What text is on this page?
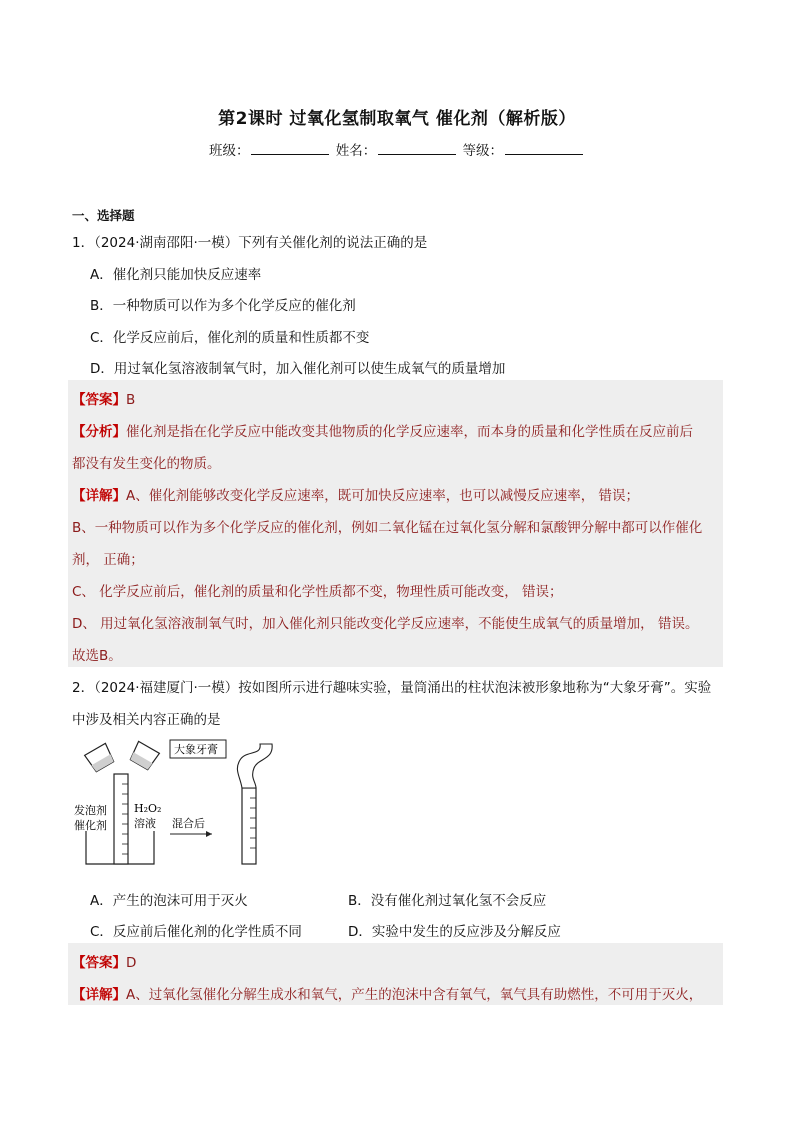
第2课时 过氧化氢制取氧气 催化剂（解析版）
班级：	姓名：	等级：
一、选择题
1．（2024·湖南邵阳·一模）下列有关催化剂的说法正确的是
A．催化剂只能加快反应速率
B．一种物质可以作为多个化学反应的催化剂
C．化学反应前后，催化剂的质量和性质都不变
D．用过氧化氢溶液制氧气时，加入催化剂可以使生成氧气的质量增加
【答案】B
【分析】催化剂是指在化学反应中能改变其他物质的化学反应速率，而本身的质量和化学性质在反应前后
都没有发生变化的物质。
【详解】A、催化剂能够改变化学反应速率，既可加快反应速率，也可以减慢反应速率， 错误；
B、一种物质可以作为多个化学反应的催化剂，例如二氧化锰在过氧化氢分解和氯酸钾分解中都可以作催化
剂， 正确；
C、 化学反应前后，催化剂的质量和化学性质都不变，物理性质可能改变， 错误；
D、 用过氧化氢溶液制氧气时，加入催化剂只能改变化学反应速率，不能使生成氧气的质量增加， 错误。
故选B。
2．（2024·福建厦门·一模）按如图所示进行趣味实验，量筒涌出的柱状泡沫被形象地称为“大象牙膏”。实验
中涉及相关内容正确的是
发泡剂
催化剂
H₂O₂
溶液 混合后
大象牙膏
A．产生的泡沫可用于灭火	B．没有催化剂过氧化氢不会反应
C．反应前后催化剂的化学性质不同	D．实验中发生的反应涉及分解反应
【答案】D
【详解】A、过氧化氢催化分解生成水和氧气，产生的泡沫中含有氧气，氧气具有助燃性，不可用于灭火，
